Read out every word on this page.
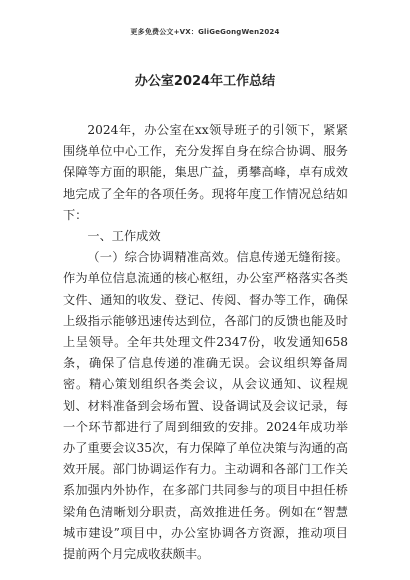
更多免费公文+VX：GliGeGongWen2024
办公室2024年工作总结

2024年，办公室在xx领导班子的引领下，紧紧围绕单位中心工作，充分发挥自身在综合协调、服务保障等方面的职能，集思广益，勇攀高峰，卓有成效地完成了全年的各项任务。现将年度工作情况总结如下：

一、工作成效

（一）综合协调精准高效。信息传递无缝衔接。作为单位信息流通的核心枢纽，办公室严格落实各类文件、通知的收发、登记、传阅、督办等工作，确保上级指示能够迅速传达到位，各部门的反馈也能及时上呈领导。全年共处理文件2347份，收发通知658条，确保了信息传递的准确无误。会议组织筹备周密。精心策划组织各类会议，从会议通知、议程规划、材料准备到会场布置、设备调试及会议记录，每一个环节都进行了周到细致的安排。2024年成功举办了重要会议35次，有力保障了单位决策与沟通的高效开展。部门协调运作有力。主动调和各部门工作关系加强内外协作，在多部门共同参与的项目中担任桥梁角色清晰划分职责，高效推进任务。例如在“智慧城市建设”项目中，办公室协调各方资源，推动项目提前两个月完成收获颇丰。
